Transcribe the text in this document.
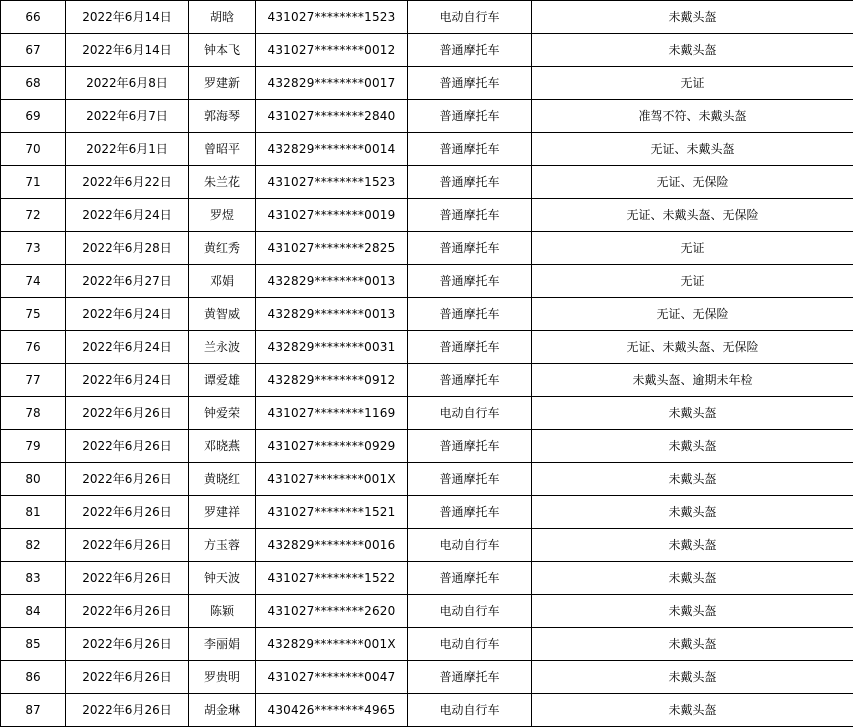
66	2022年6月14日	胡晗	431027********1523	电动自行车	未戴头盔
67	2022年6月14日	钟本飞	431027********0012	普通摩托车	未戴头盔
68	2022年6月8日	罗建新	432829********0017	普通摩托车	无证
69	2022年6月7日	郭海琴	431027********2840	普通摩托车	准驾不符、未戴头盔
70	2022年6月1日	曾昭平	432829********0014	普通摩托车	无证、未戴头盔
71	2022年6月22日	朱兰花	431027********1523	普通摩托车	无证、无保险
72	2022年6月24日	罗煜	431027********0019	普通摩托车	无证、未戴头盔、无保险
73	2022年6月28日	黄红秀	431027********2825	普通摩托车	无证
74	2022年6月27日	邓娟	432829********0013	普通摩托车	无证
75	2022年6月24日	黄智威	432829********0013	普通摩托车	无证、无保险
76	2022年6月24日	兰永波	432829********0031	普通摩托车	无证、未戴头盔、无保险
77	2022年6月24日	谭爱雄	432829********0912	普通摩托车	未戴头盔、逾期未年检
78	2022年6月26日	钟爱荣	431027********1169	电动自行车	未戴头盔
79	2022年6月26日	邓晓燕	431027********0929	普通摩托车	未戴头盔
80	2022年6月26日	黄晓红	431027********001X	普通摩托车	未戴头盔
81	2022年6月26日	罗建祥	431027********1521	普通摩托车	未戴头盔
82	2022年6月26日	方玉蓉	432829********0016	电动自行车	未戴头盔
83	2022年6月26日	钟天波	431027********1522	普通摩托车	未戴头盔
84	2022年6月26日	陈颖	431027********2620	电动自行车	未戴头盔
85	2022年6月26日	李丽娟	432829********001X	电动自行车	未戴头盔
86	2022年6月26日	罗贵明	431027********0047	普通摩托车	未戴头盔
87	2022年6月26日	胡金琳	430426********4965	电动自行车	未戴头盔
